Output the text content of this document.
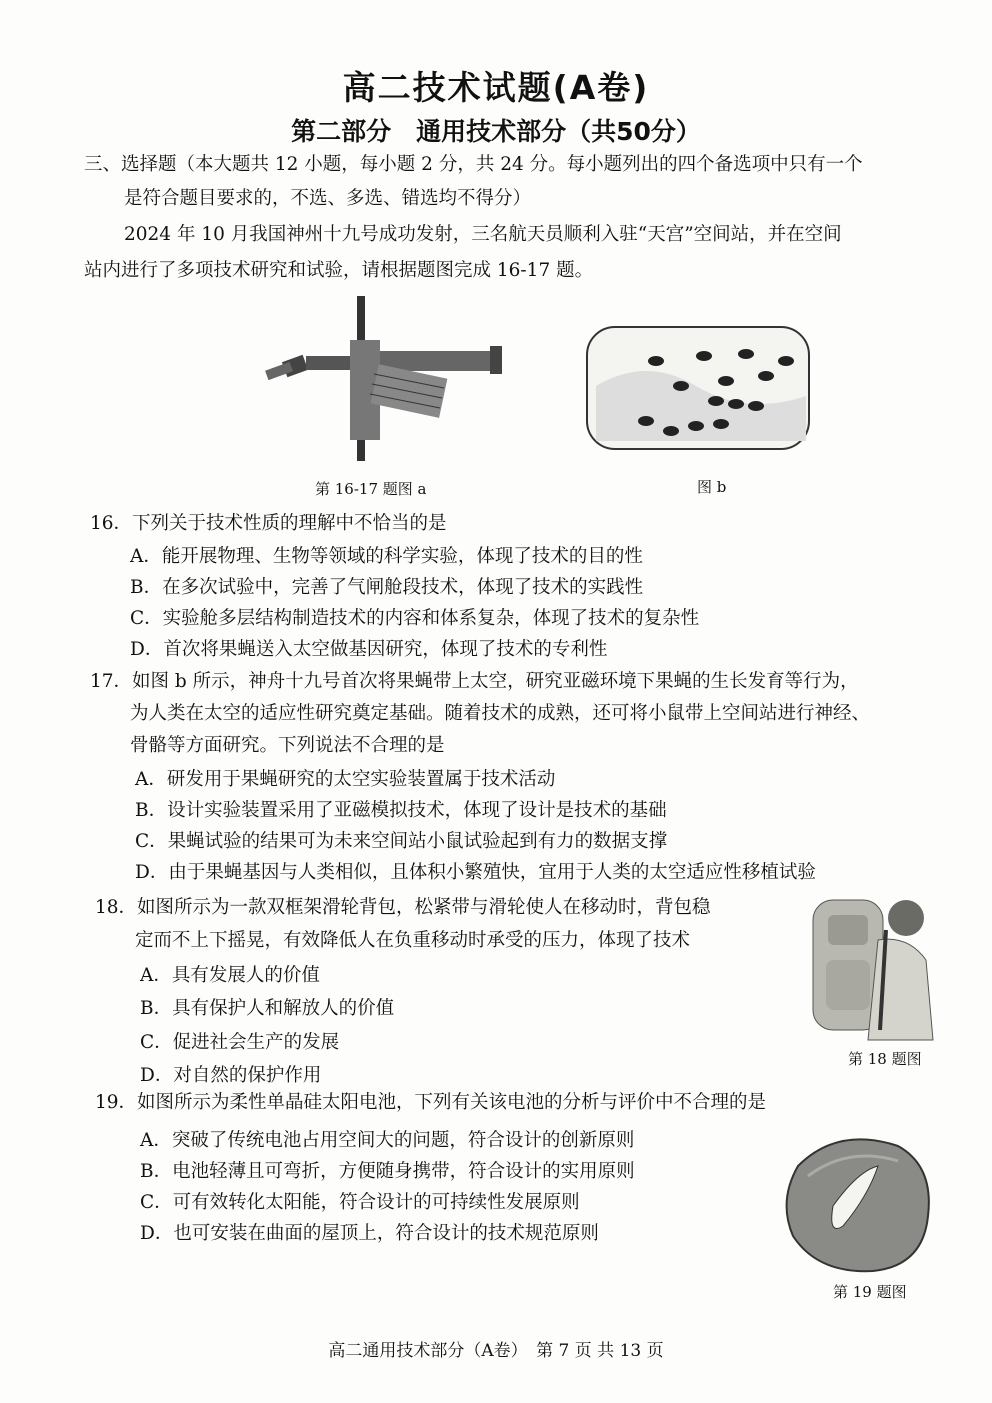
高二技术试题(A卷)
第二部分　通用技术部分（共50分）
三、选择题（本大题共 12 小题，每小题 2 分，共 24 分。每小题列出的四个备选项中只有一个
是符合题目要求的，不选、多选、错选均不得分）
2024 年 10 月我国神州十九号成功发射，三名航天员顺利入驻“天宫”空间站，并在空间
站内进行了多项技术研究和试验，请根据题图完成 16-17 题。
第 16-17 题图 a	图 b
16．下列关于技术性质的理解中不恰当的是
A．能开展物理、生物等领域的科学实验，体现了技术的目的性
B．在多次试验中，完善了气闸舱段技术，体现了技术的实践性
C．实验舱多层结构制造技术的内容和体系复杂，体现了技术的复杂性
D．首次将果蝇送入太空做基因研究，体现了技术的专利性
17．如图 b 所示，神舟十九号首次将果蝇带上太空，研究亚磁环境下果蝇的生长发育等行为，
为人类在太空的适应性研究奠定基础。随着技术的成熟，还可将小鼠带上空间站进行神经、
骨骼等方面研究。下列说法不合理的是
A．研发用于果蝇研究的太空实验装置属于技术活动
B．设计实验装置采用了亚磁模拟技术，体现了设计是技术的基础
C．果蝇试验的结果可为未来空间站小鼠试验起到有力的数据支撑
D．由于果蝇基因与人类相似，且体积小繁殖快，宜用于人类的太空适应性移植试验
18．如图所示为一款双框架滑轮背包，松紧带与滑轮使人在移动时，背包稳
定而不上下摇晃，有效降低人在负重移动时承受的压力，体现了技术
A．具有发展人的价值
B．具有保护人和解放人的价值
C．促进社会生产的发展
D．对自然的保护作用
第 18 题图
19．如图所示为柔性单晶硅太阳电池，下列有关该电池的分析与评价中不合理的是
A．突破了传统电池占用空间大的问题，符合设计的创新原则
B．电池轻薄且可弯折，方便随身携带，符合设计的实用原则
C．可有效转化太阳能，符合设计的可持续性发展原则
D．也可安装在曲面的屋顶上，符合设计的技术规范原则
第 19 题图
高二通用技术部分（A卷）　第 7 页 共 13 页
